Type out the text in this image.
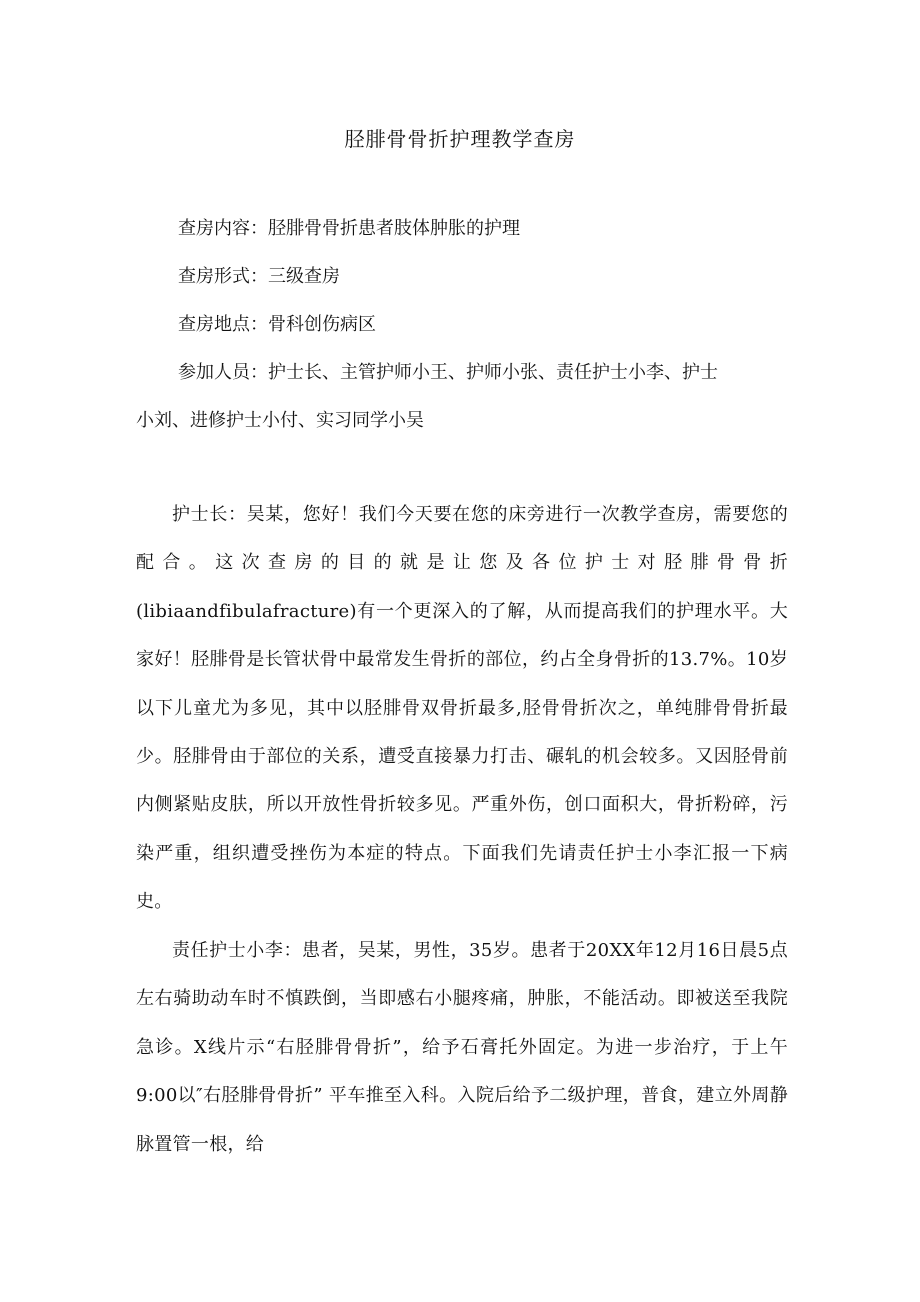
胫腓骨骨折护理教学查房
查房内容：胫腓骨骨折患者肢体肿胀的护理
查房形式：三级查房
查房地点：骨科创伤病区
参加人员：护士长、主管护师小王、护师小张、责任护士小李、护士
小刘、进修护士小付、实习同学小吴
护士长：吴某，您好！我们今天要在您的床旁进行一次教学查房，需要您的配合。这次查房的目的就是让您及各位护士对胫腓骨骨折(libiaandfibulafracture)有一个更深入的了解，从而提高我们的护理水平。大家好！胫腓骨是长管状骨中最常发生骨折的部位，约占全身骨折的13.7%。10岁以下儿童尤为多见，其中以胫腓骨双骨折最多,胫骨骨折次之，单纯腓骨骨折最少。胫腓骨由于部位的关系，遭受直接暴力打击、碾轧的机会较多。又因胫骨前内侧紧贴皮肤，所以开放性骨折较多见。严重外伤，创口面积大，骨折粉碎，污染严重，组织遭受挫伤为本症的特点。下面我们先请责任护士小李汇报一下病史。
责任护士小李：患者，吴某，男性，35岁。患者于20XX年12月16日晨5点左右骑助动车时不慎跌倒，当即感右小腿疼痛，肿胀，不能活动。即被送至我院急诊。X线片示“右胫腓骨骨折”，给予石膏托外固定。为进一步治疗，于上午9:00以″右胫腓骨骨折” 平车推至入科。入院后给予二级护理，普食，建立外周静脉置管一根，给
